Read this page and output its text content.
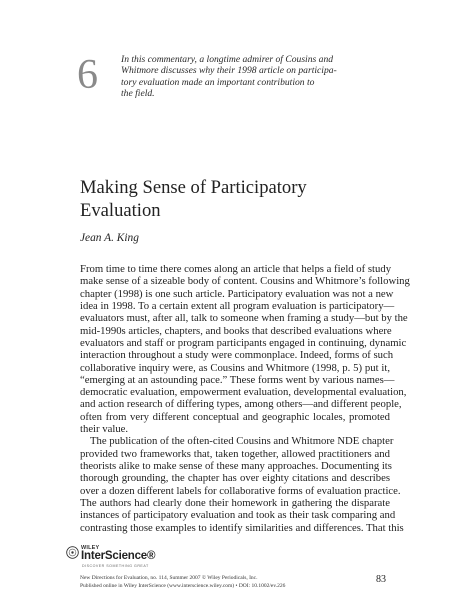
6 In this commentary, a longtime admirer of Cousins and
Whitmore discusses why their 1998 article on participa-
tory evaluation made an important contribution to
the field.
Making Sense of Participatory
Evaluation
Jean A. King
From time to time there comes along an article that helps a field of study
make sense of a sizeable body of content. Cousins and Whitmore’s following
chapter (1998) is one such article. Participatory evaluation was not a new
idea in 1998. To a certain extent all program evaluation is participatory—
evaluators must, after all, talk to someone when framing a study—but by the
mid-1990s articles, chapters, and books that described evaluations where
evaluators and staff or program participants engaged in continuing, dynamic
interaction throughout a study were commonplace. Indeed, forms of such
collaborative inquiry were, as Cousins and Whitmore (1998, p. 5) put it,
“emerging at an astounding pace.” These forms went by various names—
democratic evaluation, empowerment evaluation, developmental evaluation,
and action research of differing types, among others—and different people,
often from very different conceptual and geographic locales, promoted
their value.
The publication of the often-cited Cousins and Whitmore NDE chapter
provided two frameworks that, taken together, allowed practitioners and
theorists alike to make sense of these many approaches. Documenting its
thorough grounding, the chapter has over eighty citations and describes
over a dozen different labels for collaborative forms of evaluation practice.
The authors had clearly done their homework in gathering the disparate
instances of participatory evaluation and took as their task comparing and
contrasting those examples to identify similarities and differences. That this
WILEY
InterScience®
DISCOVER SOMETHING GREAT
New Directions for Evaluation, no. 114, Summer 2007 © Wiley Periodicals, Inc.
Published online in Wiley InterScience (www.interscience.wiley.com) • DOI: 10.1002/ev.226
83
